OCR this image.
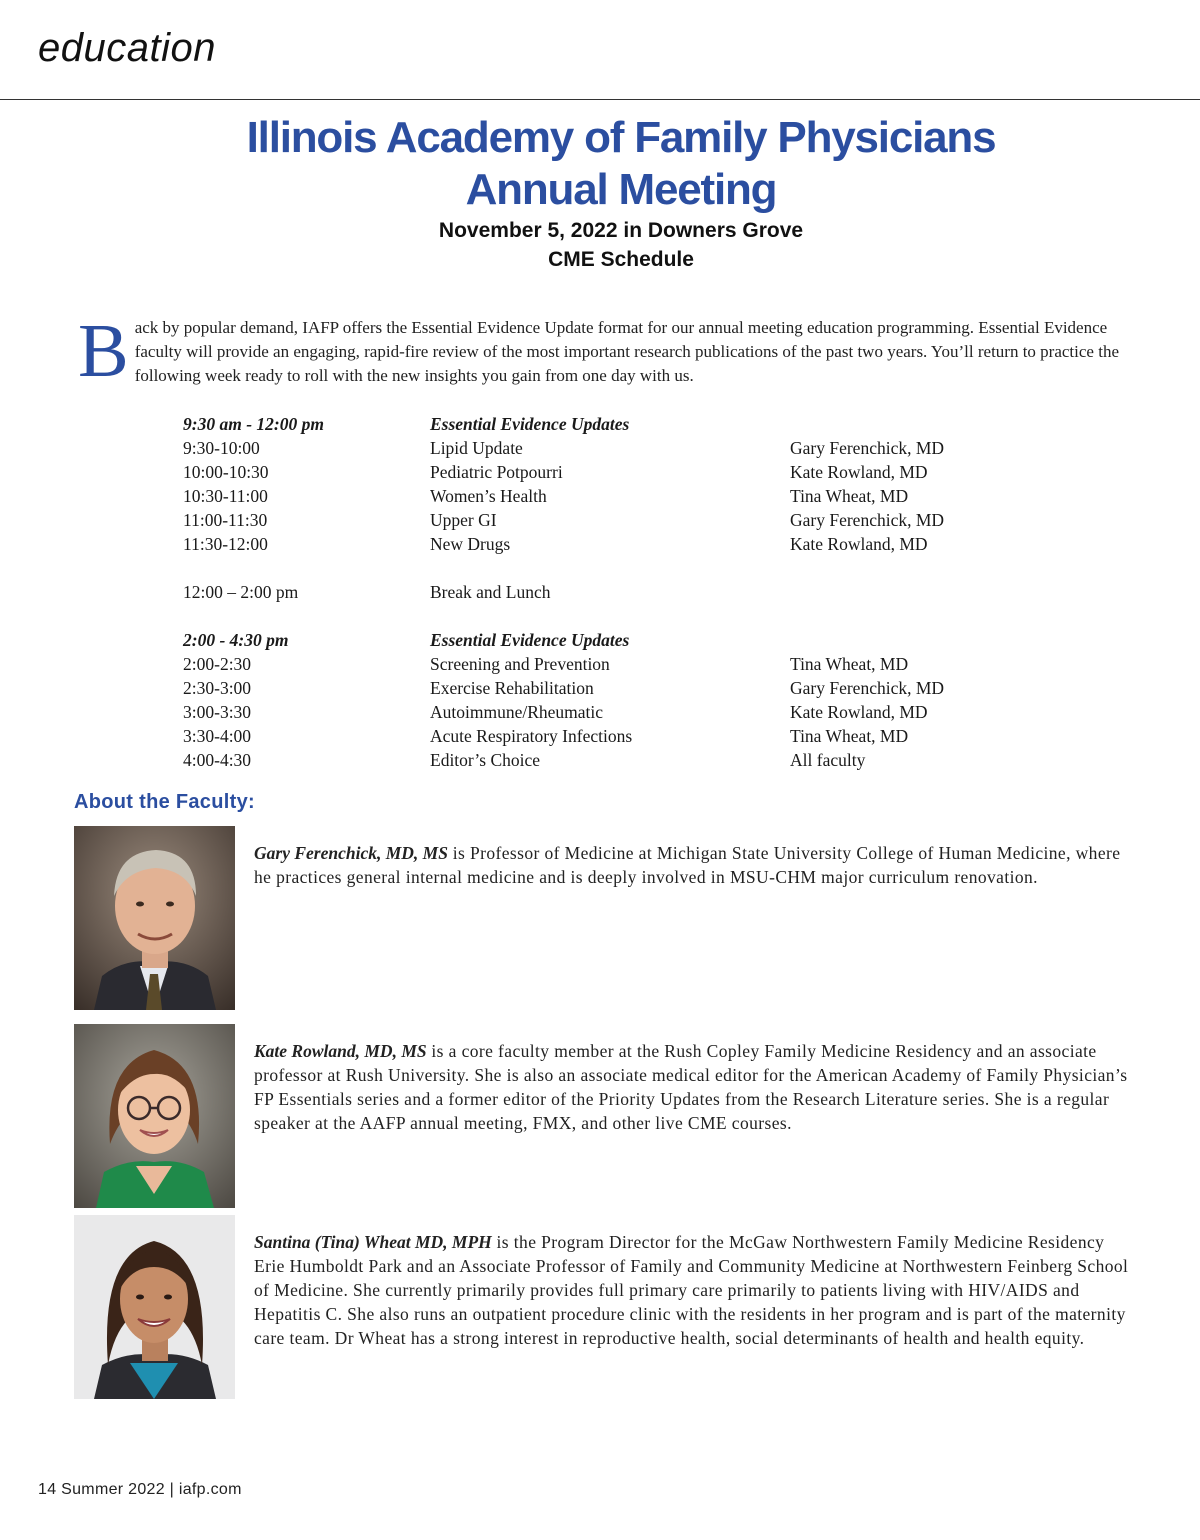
education
Illinois Academy of Family Physicians
Annual Meeting
November 5, 2022 in Downers Grove
CME Schedule
B ack by popular demand, IAFP offers the Essential Evidence Update format for our annual meeting education programming. Essential Evidence faculty will provide an engaging, rapid-fire review of the most important research publications of the past two years. You’ll return to practice the following week ready to roll with the new insights you gain from one day with us.
9:30 am - 12:00 pm	Essential Evidence Updates
9:30-10:00	Lipid Update	Gary Ferenchick, MD
10:00-10:30	Pediatric Potpourri	Kate Rowland, MD
10:30-11:00	Women’s Health	Tina Wheat, MD
11:00-11:30	Upper GI	Gary Ferenchick, MD
11:30-12:00	New Drugs	Kate Rowland, MD
12:00 – 2:00 pm	Break and Lunch
2:00 - 4:30 pm	Essential Evidence Updates
2:00-2:30	Screening and Prevention	Tina Wheat, MD
2:30-3:00	Exercise Rehabilitation	Gary Ferenchick, MD
3:00-3:30	Autoimmune/Rheumatic	Kate Rowland, MD
3:30-4:00	Acute Respiratory Infections	Tina Wheat, MD
4:00-4:30	Editor’s Choice	All faculty
About the Faculty:
Gary Ferenchick, MD, MS is Professor of Medicine at Michigan State University College of Human Medicine, where he practices general internal medicine and is deeply involved in MSU-CHM major curriculum renovation.
Kate Rowland, MD, MS is a core faculty member at the Rush Copley Family Medicine Residency and an associate professor at Rush University. She is also an associate medical editor for the American Academy of Family Physician’s FP Essentials series and a former editor of the Priority Updates from the Research Literature series. She is a regular speaker at the AAFP annual meeting, FMX, and other live CME courses.
Santina (Tina) Wheat MD, MPH is the Program Director for the McGaw Northwestern Family Medicine Residency Erie Humboldt Park and an Associate Professor of Family and Community Medicine at Northwestern Feinberg School of Medicine. She currently primarily provides full primary care primarily to patients living with HIV/AIDS and Hepatitis C. She also runs an outpatient procedure clinic with the residents in her program and is part of the maternity care team. Dr Wheat has a strong interest in reproductive health, social determinants of health and health equity.
14 Summer 2022 | iafp.com
